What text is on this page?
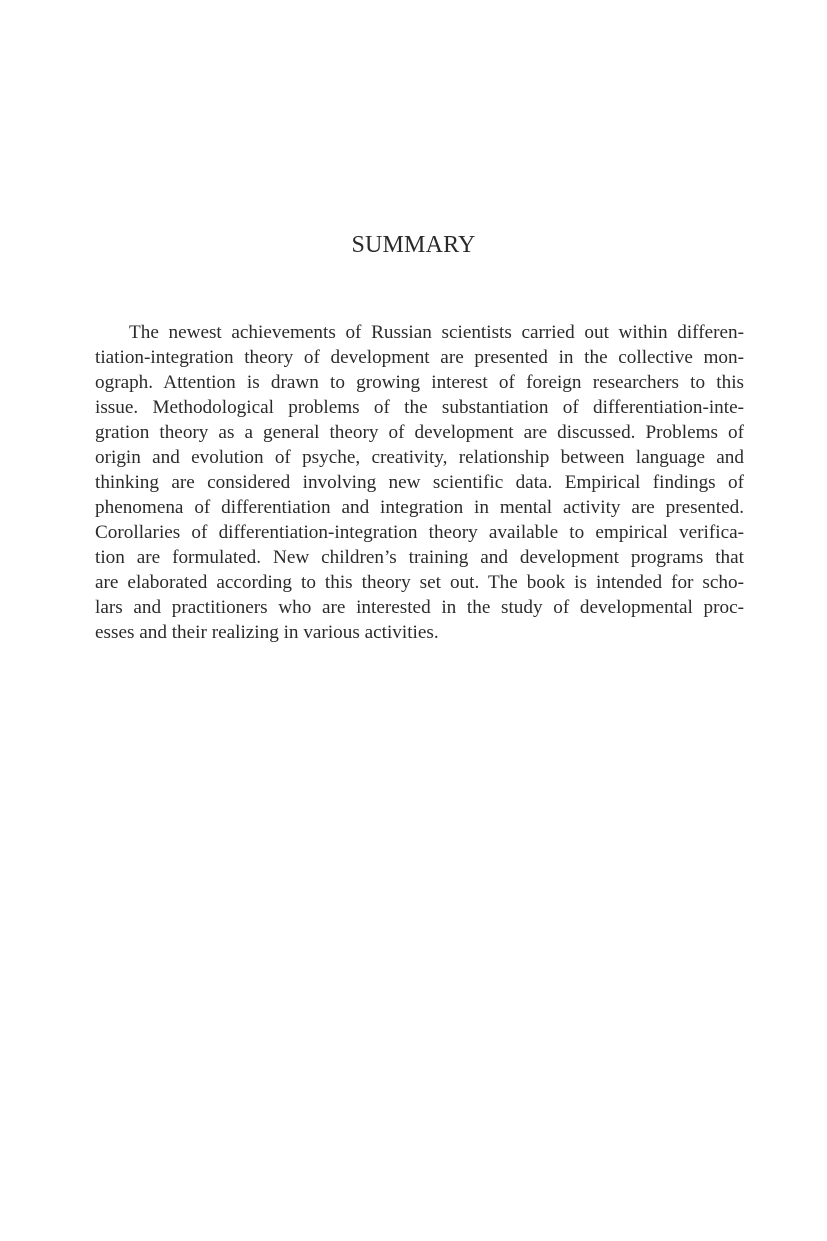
SUMMARY
The newest achievements of Russian scientists carried out within differen-
tiation-integration theory of development are presented in the collective mon-
ograph. Attention is drawn to growing interest of foreign researchers to this
issue. Methodological problems of the substantiation of differentiation-inte-
gration theory as a general theory of development are discussed. Problems of
origin and evolution of psyche, creativity, relationship between language and
thinking are considered involving new scientific data. Empirical findings of
phenomena of differentiation and integration in mental activity are presented.
Corollaries of differentiation-integration theory available to empirical verifica-
tion are formulated. New children’s training and development programs that
are elaborated according to this theory set out. The book is intended for scho-
lars and practitioners who are interested in the study of developmental proc-
esses and their realizing in various activities.
